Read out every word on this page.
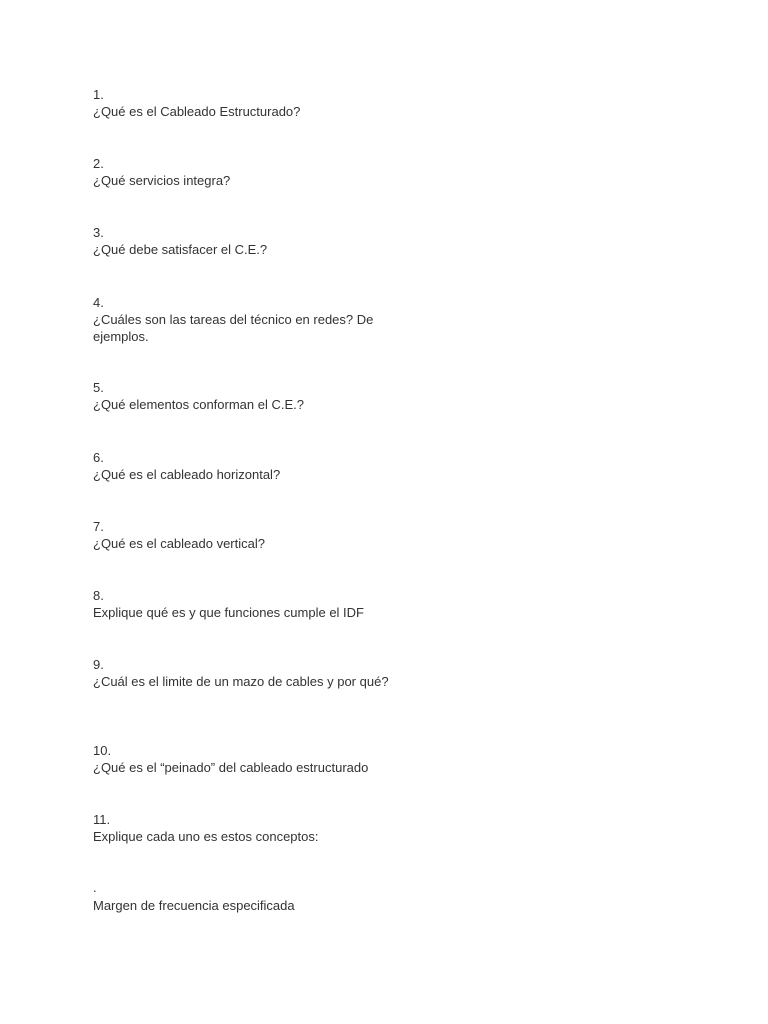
1.
¿Qué es el Cableado Estructurado?
2.
¿Qué servicios integra?
3.
¿Qué debe satisfacer el C.E.?
4.
¿Cuáles son las tareas del técnico en redes? De ejemplos.
5.
¿Qué elementos conforman el C.E.?
6.
¿Qué es el cableado horizontal?
7.
¿Qué es el cableado vertical?
8.
Explique qué es y que funciones cumple el IDF
9.
¿Cuál es el limite de un mazo de cables y por qué?
10.
¿Qué es el “peinado” del cableado estructurado
11.
Explique cada uno es estos conceptos:
.
Margen de frecuencia especificada
